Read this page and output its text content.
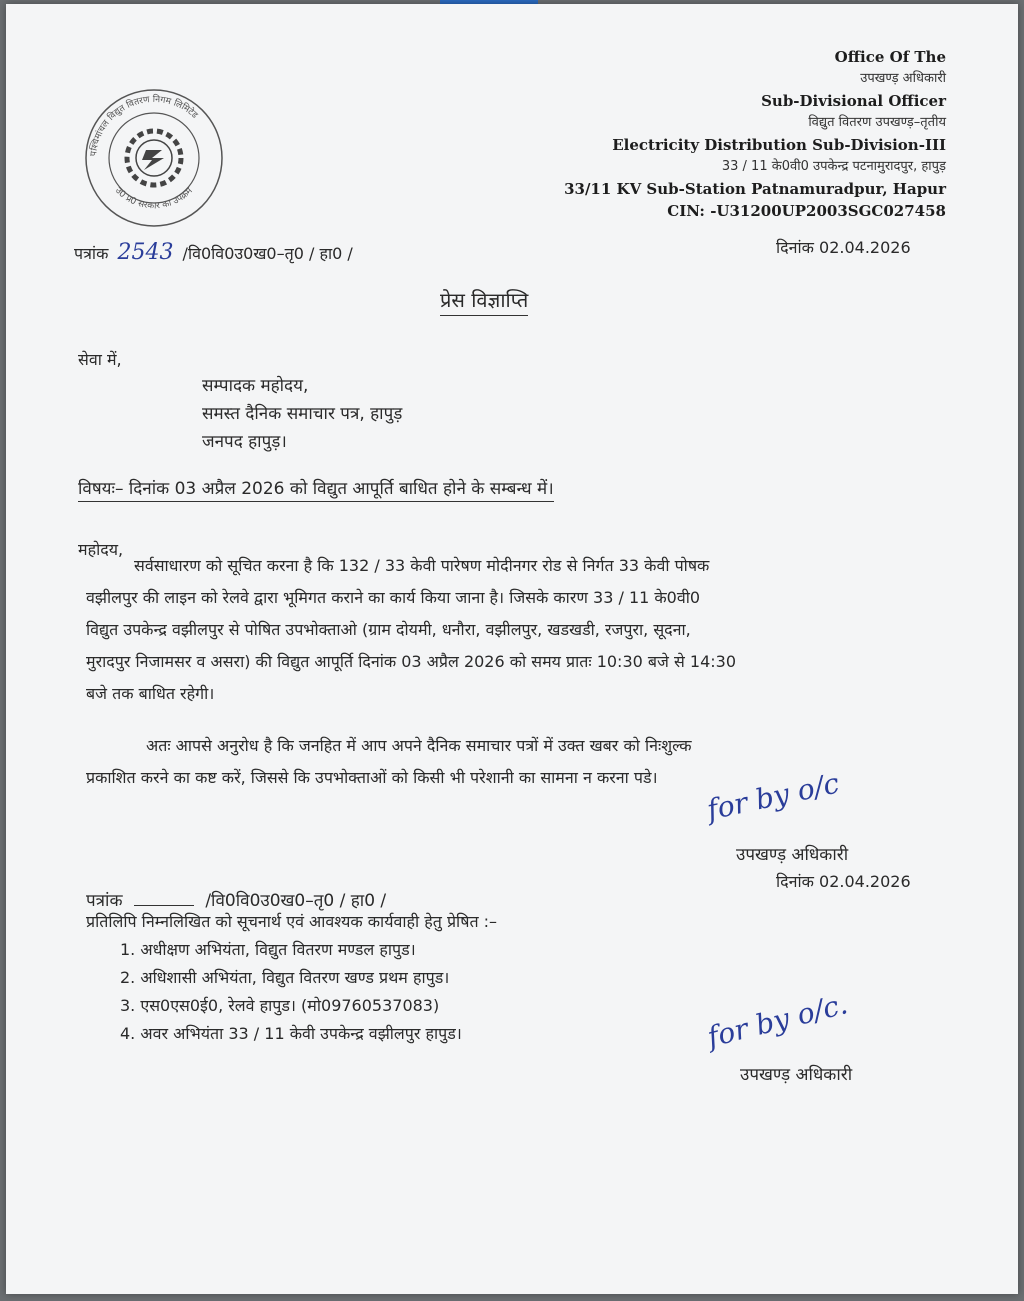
पश्चिमांचल विद्युत वितरण निगम लिमिटेड
उ0 प्र0 सरकार का उपक्रम
Office Of The
उपखण्ड़ अधिकारी
Sub-Divisional Officer
विद्युत वितरण उपखण्ड़–तृतीय
Electricity Distribution Sub-Division-III
33 / 11 के0वी0 उपकेन्द्र पटनामुरादपुर, हापुड़
33/11 KV Sub-Station Patnamuradpur, Hapur
CIN: -U31200UP2003SGC027458
पत्रांक 2543 /वि0वि0उ0ख0–तृ0 / हा0 /	दिनांक 02.04.2026
प्रेस विज्ञाप्ति
सेवा में,
सम्पादक महोदय,
समस्त दैनिक समाचार पत्र, हापुड़
जनपद हापुड़।
विषयः– दिनांक 03 अप्रैल 2026 को विद्युत आपूर्ति बाधित होने के सम्बन्ध में।
महोदय,
सर्वसाधारण को सूचित करना है कि 132 / 33 केवी पारेषण मोदीनगर रोड से निर्गत 33 केवी पोषक
वझीलपुर की लाइन को रेलवे द्वारा भूमिगत कराने का कार्य किया जाना है। जिसके कारण 33 / 11 के0वी0
विद्युत उपकेन्द्र वझीलपुर से पोषित उपभोक्ताओ (ग्राम दोयमी, धनौरा, वझीलपुर, खडखडी, रजपुरा, सूदना,
मुरादपुर निजामसर व असरा) की विद्युत आपूर्ति दिनांक 03 अप्रैल 2026 को समय प्रातः 10:30 बजे से 14:30
बजे तक बाधित रहेगी।
अतः आपसे अनुरोध है कि जनहित में आप अपने दैनिक समाचार पत्रों में उक्त खबर को निःशुल्क
प्रकाशित करने का कष्ट करें, जिससे कि उपभोक्ताओं को किसी भी परेशानी का सामना न करना पडे।	for by o/c
उपखण्ड़ अधिकारी
दिनांक 02.04.2026
पत्रांक	/वि0वि0उ0ख0–तृ0 / हा0 /
प्रतिलिपि निम्नलिखित को सूचनार्थ एवं आवश्यक कार्यवाही हेतु प्रेषित :–
1. अधीक्षण अभियंता, विद्युत वितरण मण्डल हापुड।
2. अधिशासी अभियंता, विद्युत वितरण खण्ड प्रथम हापुड।
3. एस0एस0ई0, रेलवे हापुड। (मो09760537083)
4. अवर अभियंता 33 / 11 केवी उपकेन्द्र वझीलपुर हापुड।	for by o/c.
उपखण्ड़ अधिकारी
